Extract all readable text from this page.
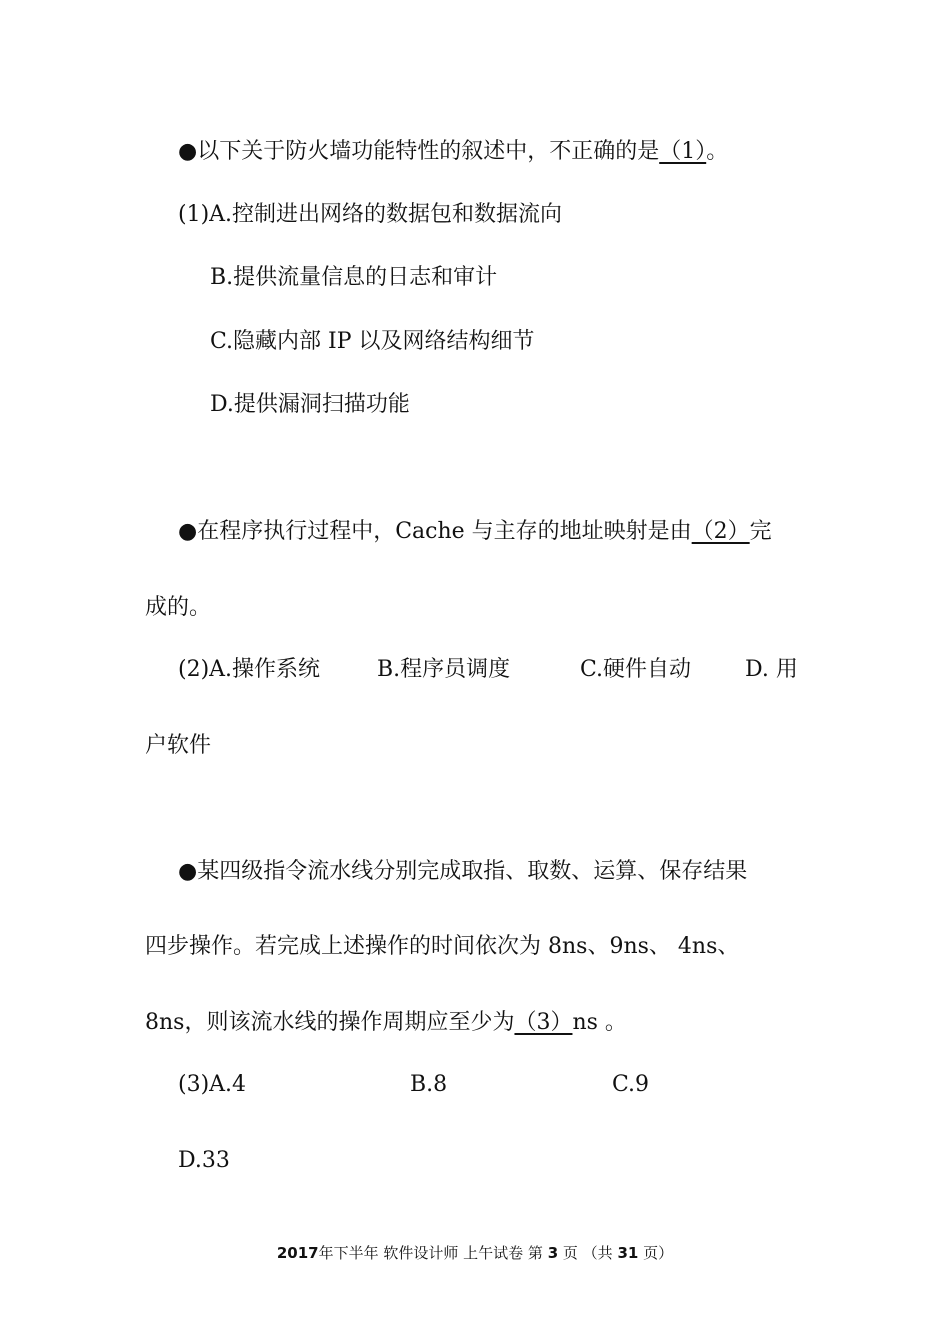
●以下关于防火墙功能特性的叙述中，不正确的是（1）。
(1)A.控制进出网络的数据包和数据流向
B.提供流量信息的日志和审计
C.隐藏内部 IP 以及网络结构细节
D.提供漏洞扫描功能
●在程序执行过程中，Cache 与主存的地址映射是由（2）完
成的。
(2)A.操作系统	B.程序员调度	C.硬件自动 D. 用
户软件
●某四级指令流水线分别完成取指、取数、运算、保存结果
四步操作。若完成上述操作的时间依次为 8ns、9ns、 4ns、
8ns，则该流水线的操作周期应至少为（3）ns 。
(3)A.4	B.8	C.9
D.33
2017年下半年 软件设计师 上午试卷 第 3 页 （共 31 页）
